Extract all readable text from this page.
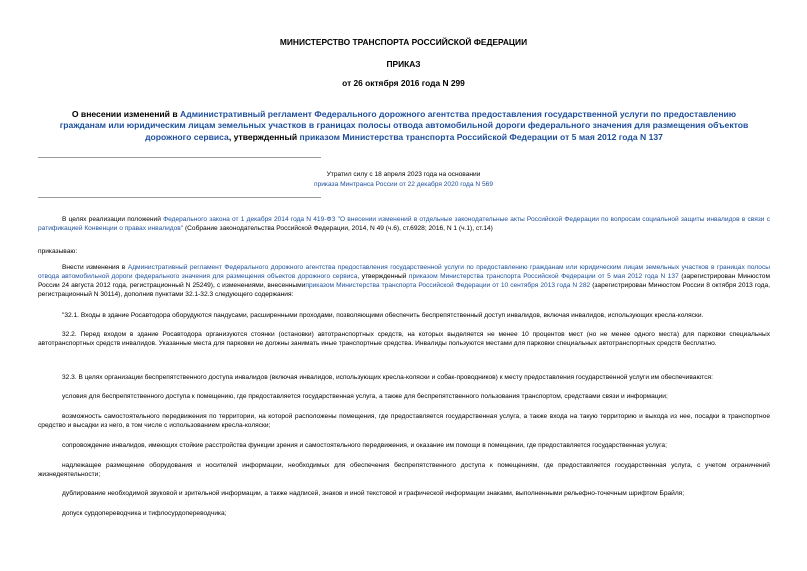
МИНИСТЕРСТВО ТРАНСПОРТА РОССИЙСКОЙ ФЕДЕРАЦИИ
ПРИКАЗ
от 26 октября 2016 года N 299
О внесении изменений в Административный регламент Федерального дорожного агентства предоставления государственной услуги по предоставлению гражданам или юридическим лицам земельных участков в границах полосы отвода автомобильной дороги федерального значения для размещения объектов дорожного сервиса, утвержденный приказом Министерства транспорта Российской Федерации от 5 мая 2012 года N 137
Утратил силу с 18 апреля 2023 года на основании
приказа Минтранса России от 22 декабря 2020 года N 569

В целях реализации положений Федерального закона от 1 декабря 2014 года N 419-ФЗ "О внесении изменений в отдельные законодательные акты Российской Федерации по вопросам социальной защиты инвалидов в связи с ратификацией Конвенции о правах инвалидов" (Собрание законодательства Российской Федерации, 2014, N 49 (ч.6), ст.6928; 2016, N 1 (ч.1), ст.14)

приказываю:

Внести изменения в Административный регламент Федерального дорожного агентства предоставления государственной услуги по предоставлению гражданам или юридическим лицам земельных участков в границах полосы отвода автомобильной дороги федерального значения для размещения объектов дорожного сервиса, утвержденный приказом Министерства транспорта Российской Федерации от 5 мая 2012 года N 137 (зарегистрирован Минюстом России 24 августа 2012 года, регистрационный N 25249), с изменениями, внесеннымиприказом Министерства транспорта Российской Федерации от 10 сентября 2013 года N 282 (зарегистрирован Минюстом России 8 октября 2013 года, регистрационный N 30114), дополнив пунктами 32.1-32.3 следующего содержания:

"32.1. Входы в здание Росавтодора оборудуются пандусами, расширенными проходами, позволяющими обеспечить беспрепятственный доступ инвалидов, включая инвалидов, использующих кресла-коляски.

32.2. Перед входом в здание Росавтодора организуются стоянки (остановки) автотранспортных средств, на которых выделяется не менее 10 процентов мест (но не менее одного места) для парковки специальных автотранспортных средств инвалидов. Указанные места для парковки не должны занимать иные транспортные средства. Инвалиды пользуются местами для парковки специальных автотранспортных средств бесплатно.

32.3. В целях организации беспрепятственного доступа инвалидов (включая инвалидов, использующих кресла-коляски и собак-проводников) к месту предоставления государственной услуги им обеспечиваются:

условия для беспрепятственного доступа к помещению, где предоставляется государственная услуга, а также для беспрепятственного пользования транспортом, средствами связи и информации;

возможность самостоятельного передвижения по территории, на которой расположены помещения, где предоставляется государственная услуга, а также входа на такую территорию и выхода из нее, посадки в транспортное средство и высадки из него, в том числе с использованием кресла-коляски;

сопровождение инвалидов, имеющих стойкие расстройства функции зрения и самостоятельного передвижения, и оказание им помощи в помещении, где предоставляется государственная услуга;

надлежащее размещение оборудования и носителей информации, необходимых для обеспечения беспрепятственного доступа к помещениям, где предоставляется государственная услуга, с учетом ограничений жизнедеятельности;

дублирование необходимой звуковой и зрительной информации, а также надписей, знаков и иной текстовой и графической информации знаками, выполненными рельефно-точечным шрифтом Брайля;

допуск сурдопереводчика и тифлосурдопереводчика;
